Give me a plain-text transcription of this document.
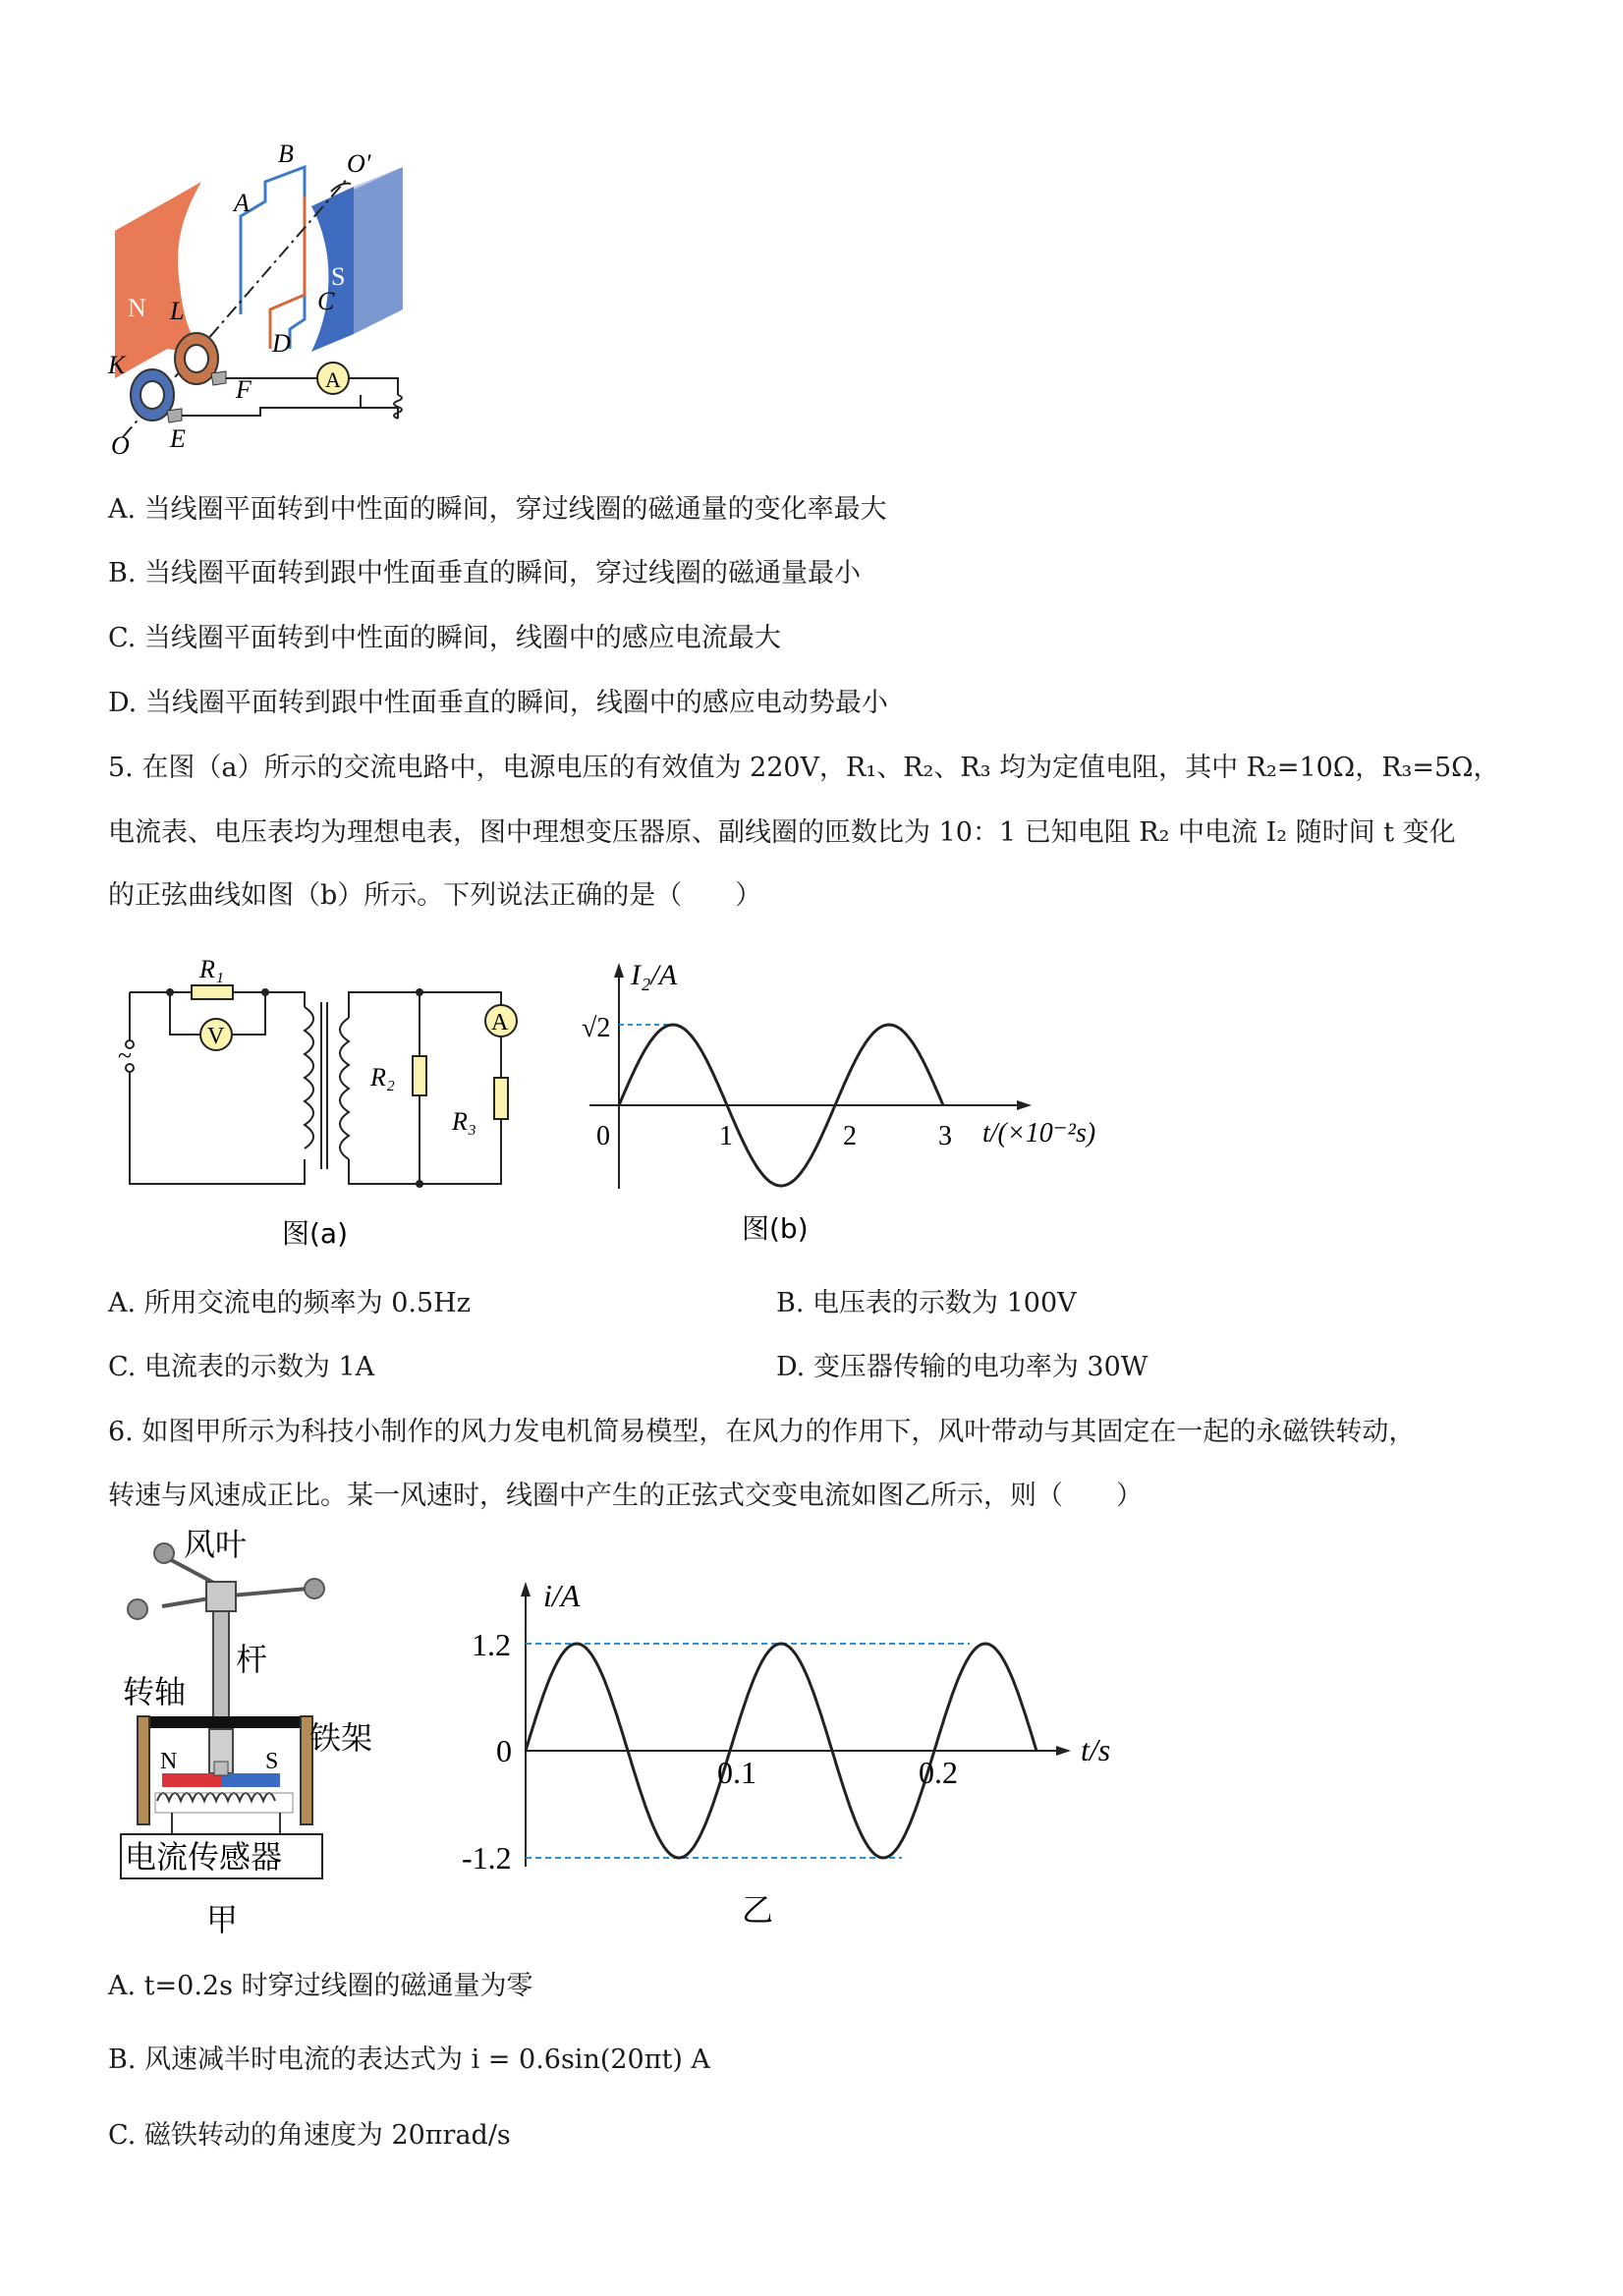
N
S
A
B
A
O′
C
L
D
K
F
O E
A. 当线圈平面转到中性面的瞬间，穿过线圈的磁通量的变化率最大
B. 当线圈平面转到跟中性面垂直的瞬间，穿过线圈的磁通量最小
C. 当线圈平面转到中性面的瞬间，线圈中的感应电流最大
D. 当线圈平面转到跟中性面垂直的瞬间，线圈中的感应电动势最小
5. 在图（a）所示的交流电路中，电源电压的有效值为 220V，R₁、R₂、R₃ 均为定值电阻，其中 R₂=10Ω，R₃=5Ω，
电流表、电压表均为理想电表，图中理想变压器原、副线圈的匝数比为 10：1 已知电阻 R₂ 中电流 I₂ 随时间 t 变化
的正弦曲线如图（b）所示。下列说法正确的是（　　）
R₁
V
A
R₂
R₃
~
图(a)
I₂/A
√2
0	1	2	3 t/(×10⁻²s)
图(b)
A. 所用交流电的频率为 0.5Hz	B. 电压表的示数为 100V
C. 电流表的示数为 1A	D. 变压器传输的电功率为 30W
6. 如图甲所示为科技小制作的风力发电机简易模型，在风力的作用下，风叶带动与其固定在一起的永磁铁转动，
转速与风速成正比。某一风速时，线圈中产生的正弦式交变电流如图乙所示，则（　　）
风叶
杆
转轴
铁架
N	S
电流传感器
甲
i/A
1.2
0
-1.2
0.1	0.2
t/s
乙
A. t=0.2s 时穿过线圈的磁通量为零
B. 风速减半时电流的表达式为 i = 0.6sin(20πt) A
C. 磁铁转动的角速度为 20πrad/s
